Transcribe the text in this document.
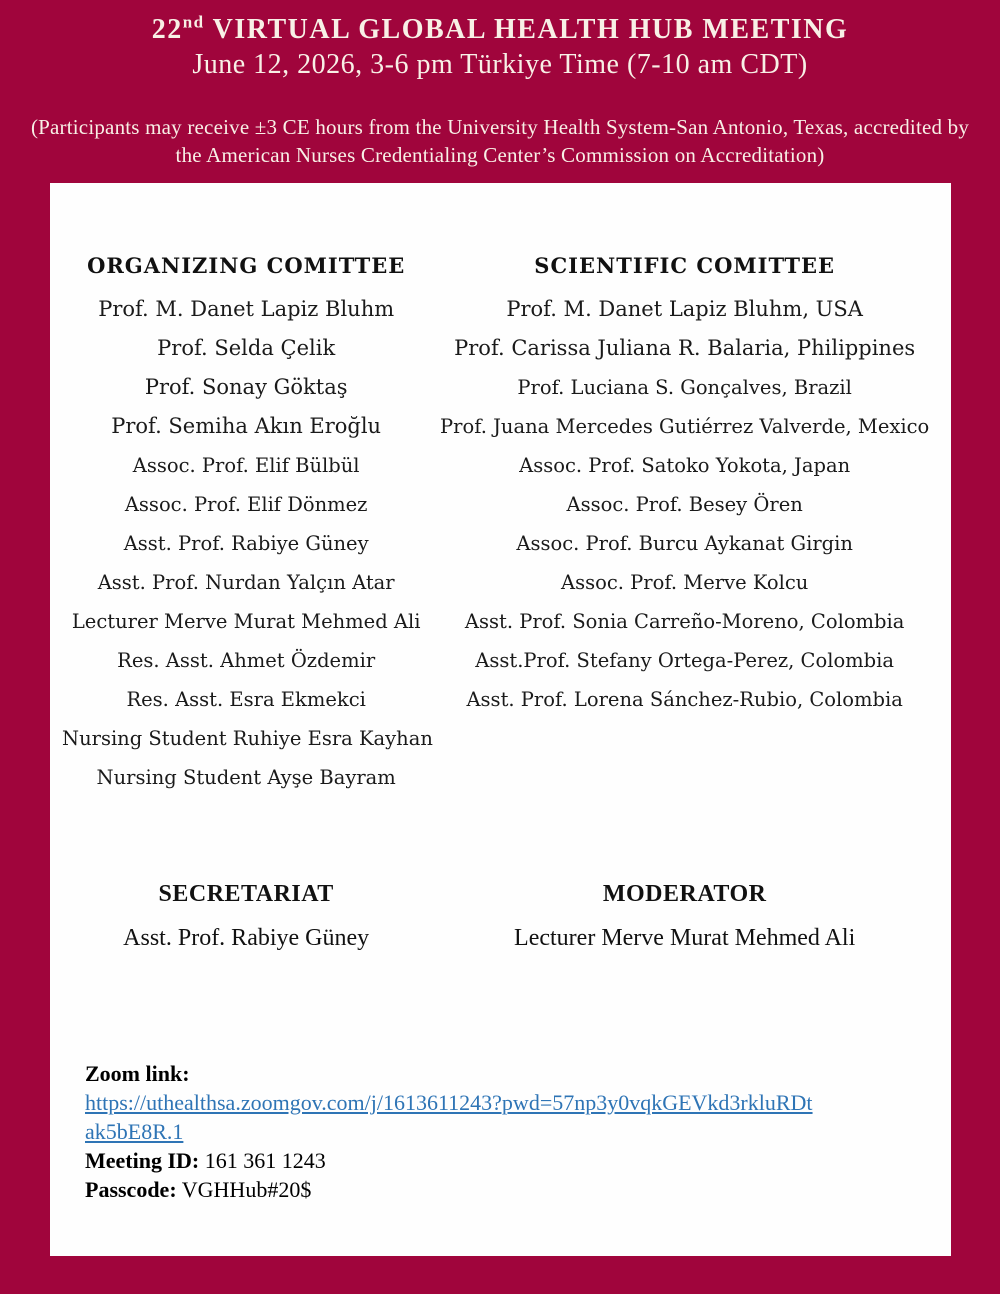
22nd VIRTUAL GLOBAL HEALTH HUB MEETING
June 12, 2026, 3-6 pm Türkiye Time (7-10 am CDT)

(Participants may receive ±3 CE hours from the University Health System-San Antonio, Texas, accredited by the American Nurses Credentialing Center’s Commission on Accreditation)

ORGANIZING COMITTEE
Prof. M. Danet Lapiz Bluhm
Prof. Selda Çelik
Prof. Sonay Göktaş
Prof. Semiha Akın Eroğlu
Assoc. Prof. Elif Bülbül
Assoc. Prof. Elif Dönmez
Asst. Prof. Rabiye Güney
Asst. Prof. Nurdan Yalçın Atar
Lecturer Merve Murat Mehmed Ali
Res. Asst. Ahmet Özdemir
Res. Asst. Esra Ekmekci
Nursing Student Ruhiye Esra Kayhan
Nursing Student Ayşe Bayram
SCIENTIFIC COMITTEE
Prof. M. Danet Lapiz Bluhm, USA
Prof. Carissa Juliana R. Balaria, Philippines
Prof. Luciana S. Gonçalves, Brazil
Prof. Juana Mercedes Gutiérrez Valverde, Mexico
Assoc. Prof. Satoko Yokota, Japan
Assoc. Prof. Besey Ören
Assoc. Prof. Burcu Aykanat Girgin
Assoc. Prof. Merve Kolcu
Asst. Prof. Sonia Carreño-Moreno, Colombia
Asst.Prof. Stefany Ortega-Perez, Colombia
Asst. Prof. Lorena Sánchez-Rubio, Colombia
SECRETARIAT
Asst. Prof. Rabiye Güney
MODERATOR
Lecturer Merve Murat Mehmed Ali
Zoom link:
https://uthealthsa.zoomgov.com/j/1613611243?pwd=57np3y0vqkGEVkd3rkluRDt
ak5bE8R.1
Meeting ID: 161 361 1243
Passcode: VGHHub#20$
